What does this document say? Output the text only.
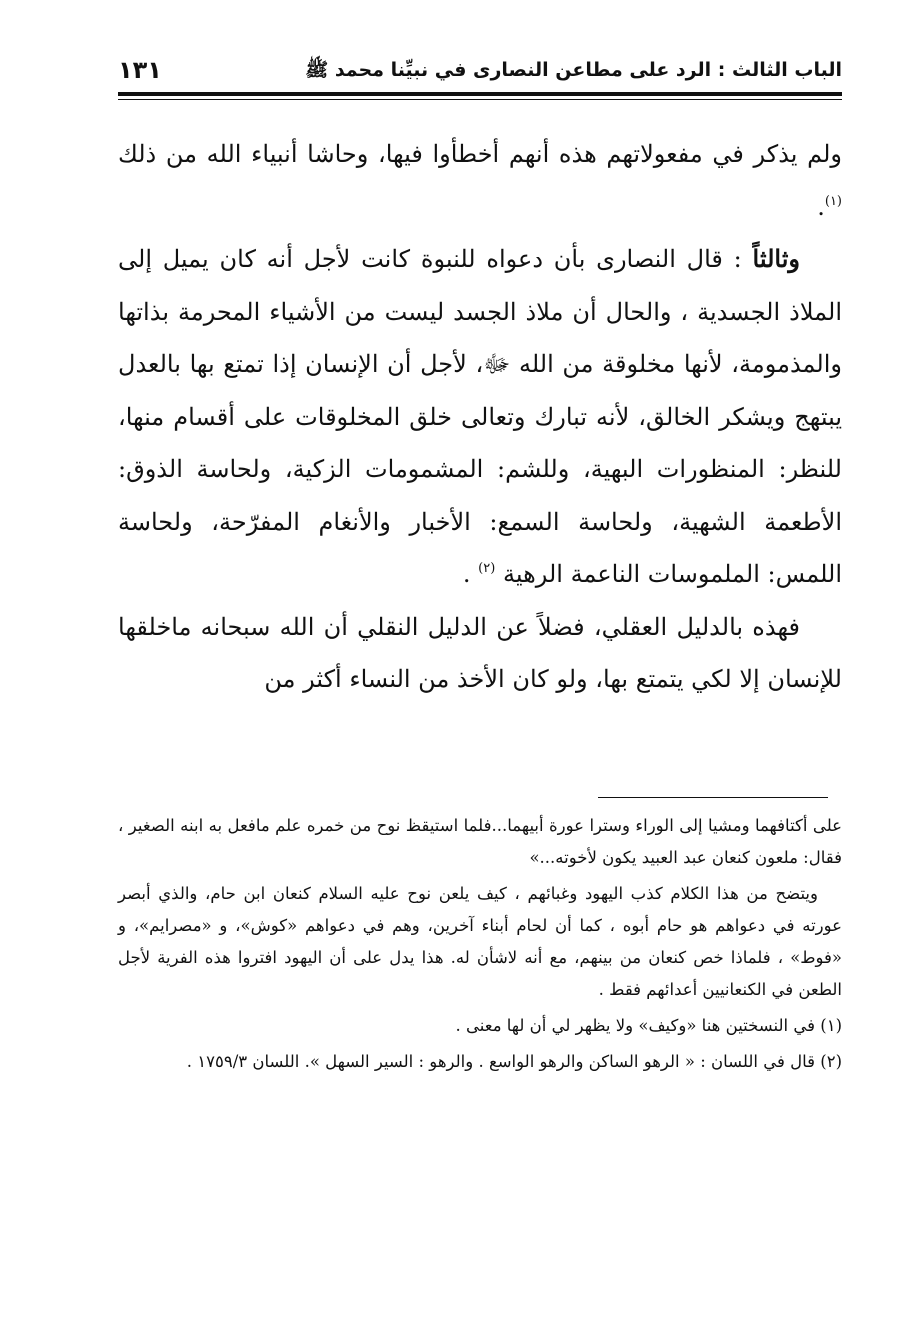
١٣١	الباب الثالث : الرد على مطاعن النصارى في نبيِّنا محمد ﷺ

ولم يذكر في مفعولاتهم هذه أنهم أخطأوا فيها، وحاشا أنبياء الله من ذلك $^{(١)}$.

وثالثاً : قال النصارى بأن دعواه للنبوة كانت لأجل أنه كان يميل إلى الملاذ الجسدية ، والحال أن ملاذ الجسد ليست من الأشياء المحرمة بذاتها والمذمومة، لأنها مخلوقة من الله ﷻ، لأجل أن الإنسان إذا تمتع بها بالعدل يبتهج ويشكر الخالق، لأنه تبارك وتعالى خلق المخلوقات على أقسام منها، للنظر: المنظورات البهية، وللشم: المشمومات الزكية، ولحاسة الذوق: الأطعمة الشهية، ولحاسة السمع: الأخبار والأنغام المفرّحة، ولحاسة اللمس: الملموسات الناعمة الرهية $^{(٢)}$ .

فهذه بالدليل العقلي، فضلاً عن الدليل النقلي أن الله سبحانه ماخلقها للإنسان إلا لكي يتمتع بها، ولو كان الأخذ من النساء أكثر من

على أكتافهما ومشيا إلى الوراء وسترا عورة أبيهما...فلما استيقظ نوح من خمره علم مافعل به ابنه الصغير ، فقال: ملعون كنعان عبد العبيد يكون لأخوته...»

ويتضح من هذا الكلام كذب اليهود وغبائهم ، كيف يلعن نوح عليه السلام كنعان ابن حام، والذي أبصر عورته في دعواهم هو حام أبوه ، كما أن لحام أبناء آخرين، وهم في دعواهم «كوش»، و «مصرايم»، و «فوط» ، فلماذا خص كنعان من بينهم، مع أنه لاشأن له. هذا يدل على أن اليهود افتروا هذه الفرية لأجل الطعن في الكنعانيين أعدائهم فقط .

(١) في النسختين هنا «وكيف» ولا يظهر لي أن لها معنى .

(٢) قال في اللسان : « الرهو الساكن والرهو الواسع . والرهو : السير السهل ». اللسان ١٧٥٩/٣ .
